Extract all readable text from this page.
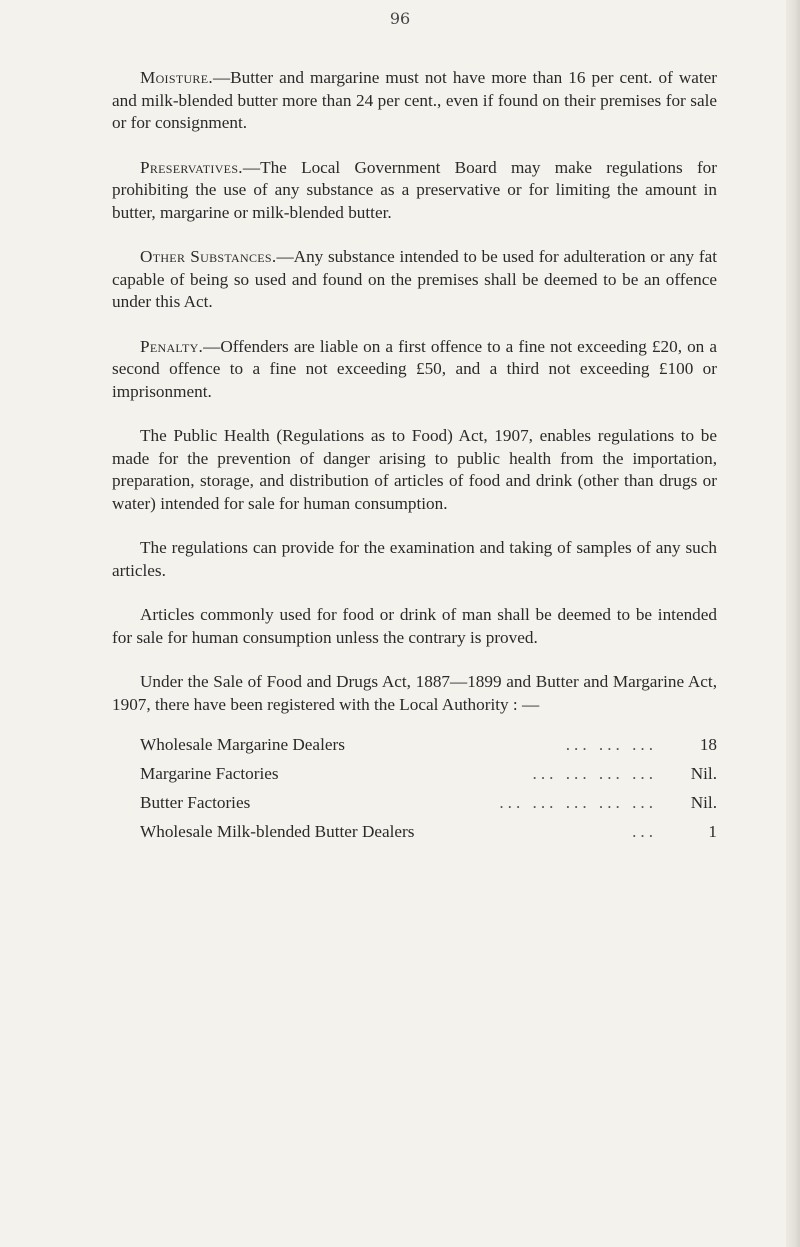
96

Moisture.—Butter and margarine must not have more than 16 per cent. of water and milk-blended butter more than 24 per cent., even if found on their premises for sale or for consignment.

Preservatives.—The Local Government Board may make regulations for prohibiting the use of any substance as a preservative or for limiting the amount in butter, margarine or milk-blended butter.

Other Substances.—Any substance intended to be used for adulteration or any fat capable of being so used and found on the premises shall be deemed to be an offence under this Act.

Penalty.—Offenders are liable on a first offence to a fine not exceeding £20, on a second offence to a fine not exceeding £50, and a third not exceeding £100 or imprisonment.

The Public Health (Regulations as to Food) Act, 1907, enables regulations to be made for the prevention of danger arising to public health from the importation, preparation, storage, and distribution of articles of food and drink (other than drugs or water) intended for sale for human consumption.

The regulations can provide for the examination and taking of samples of any such articles.

Articles commonly used for food or drink of man shall be deemed to be intended for sale for human consumption unless the contrary is proved.

Under the Sale of Food and Drugs Act, 1887—1899 and Butter and Margarine Act, 1907, there have been registered with the Local Authority : —

Wholesale Margarine Dealers	... ... ...	18
Margarine Factories	... ... ... ...	Nil.
Butter Factories	... ... ... ... ...	Nil.
Wholesale Milk-blended Butter Dealers	...	1
